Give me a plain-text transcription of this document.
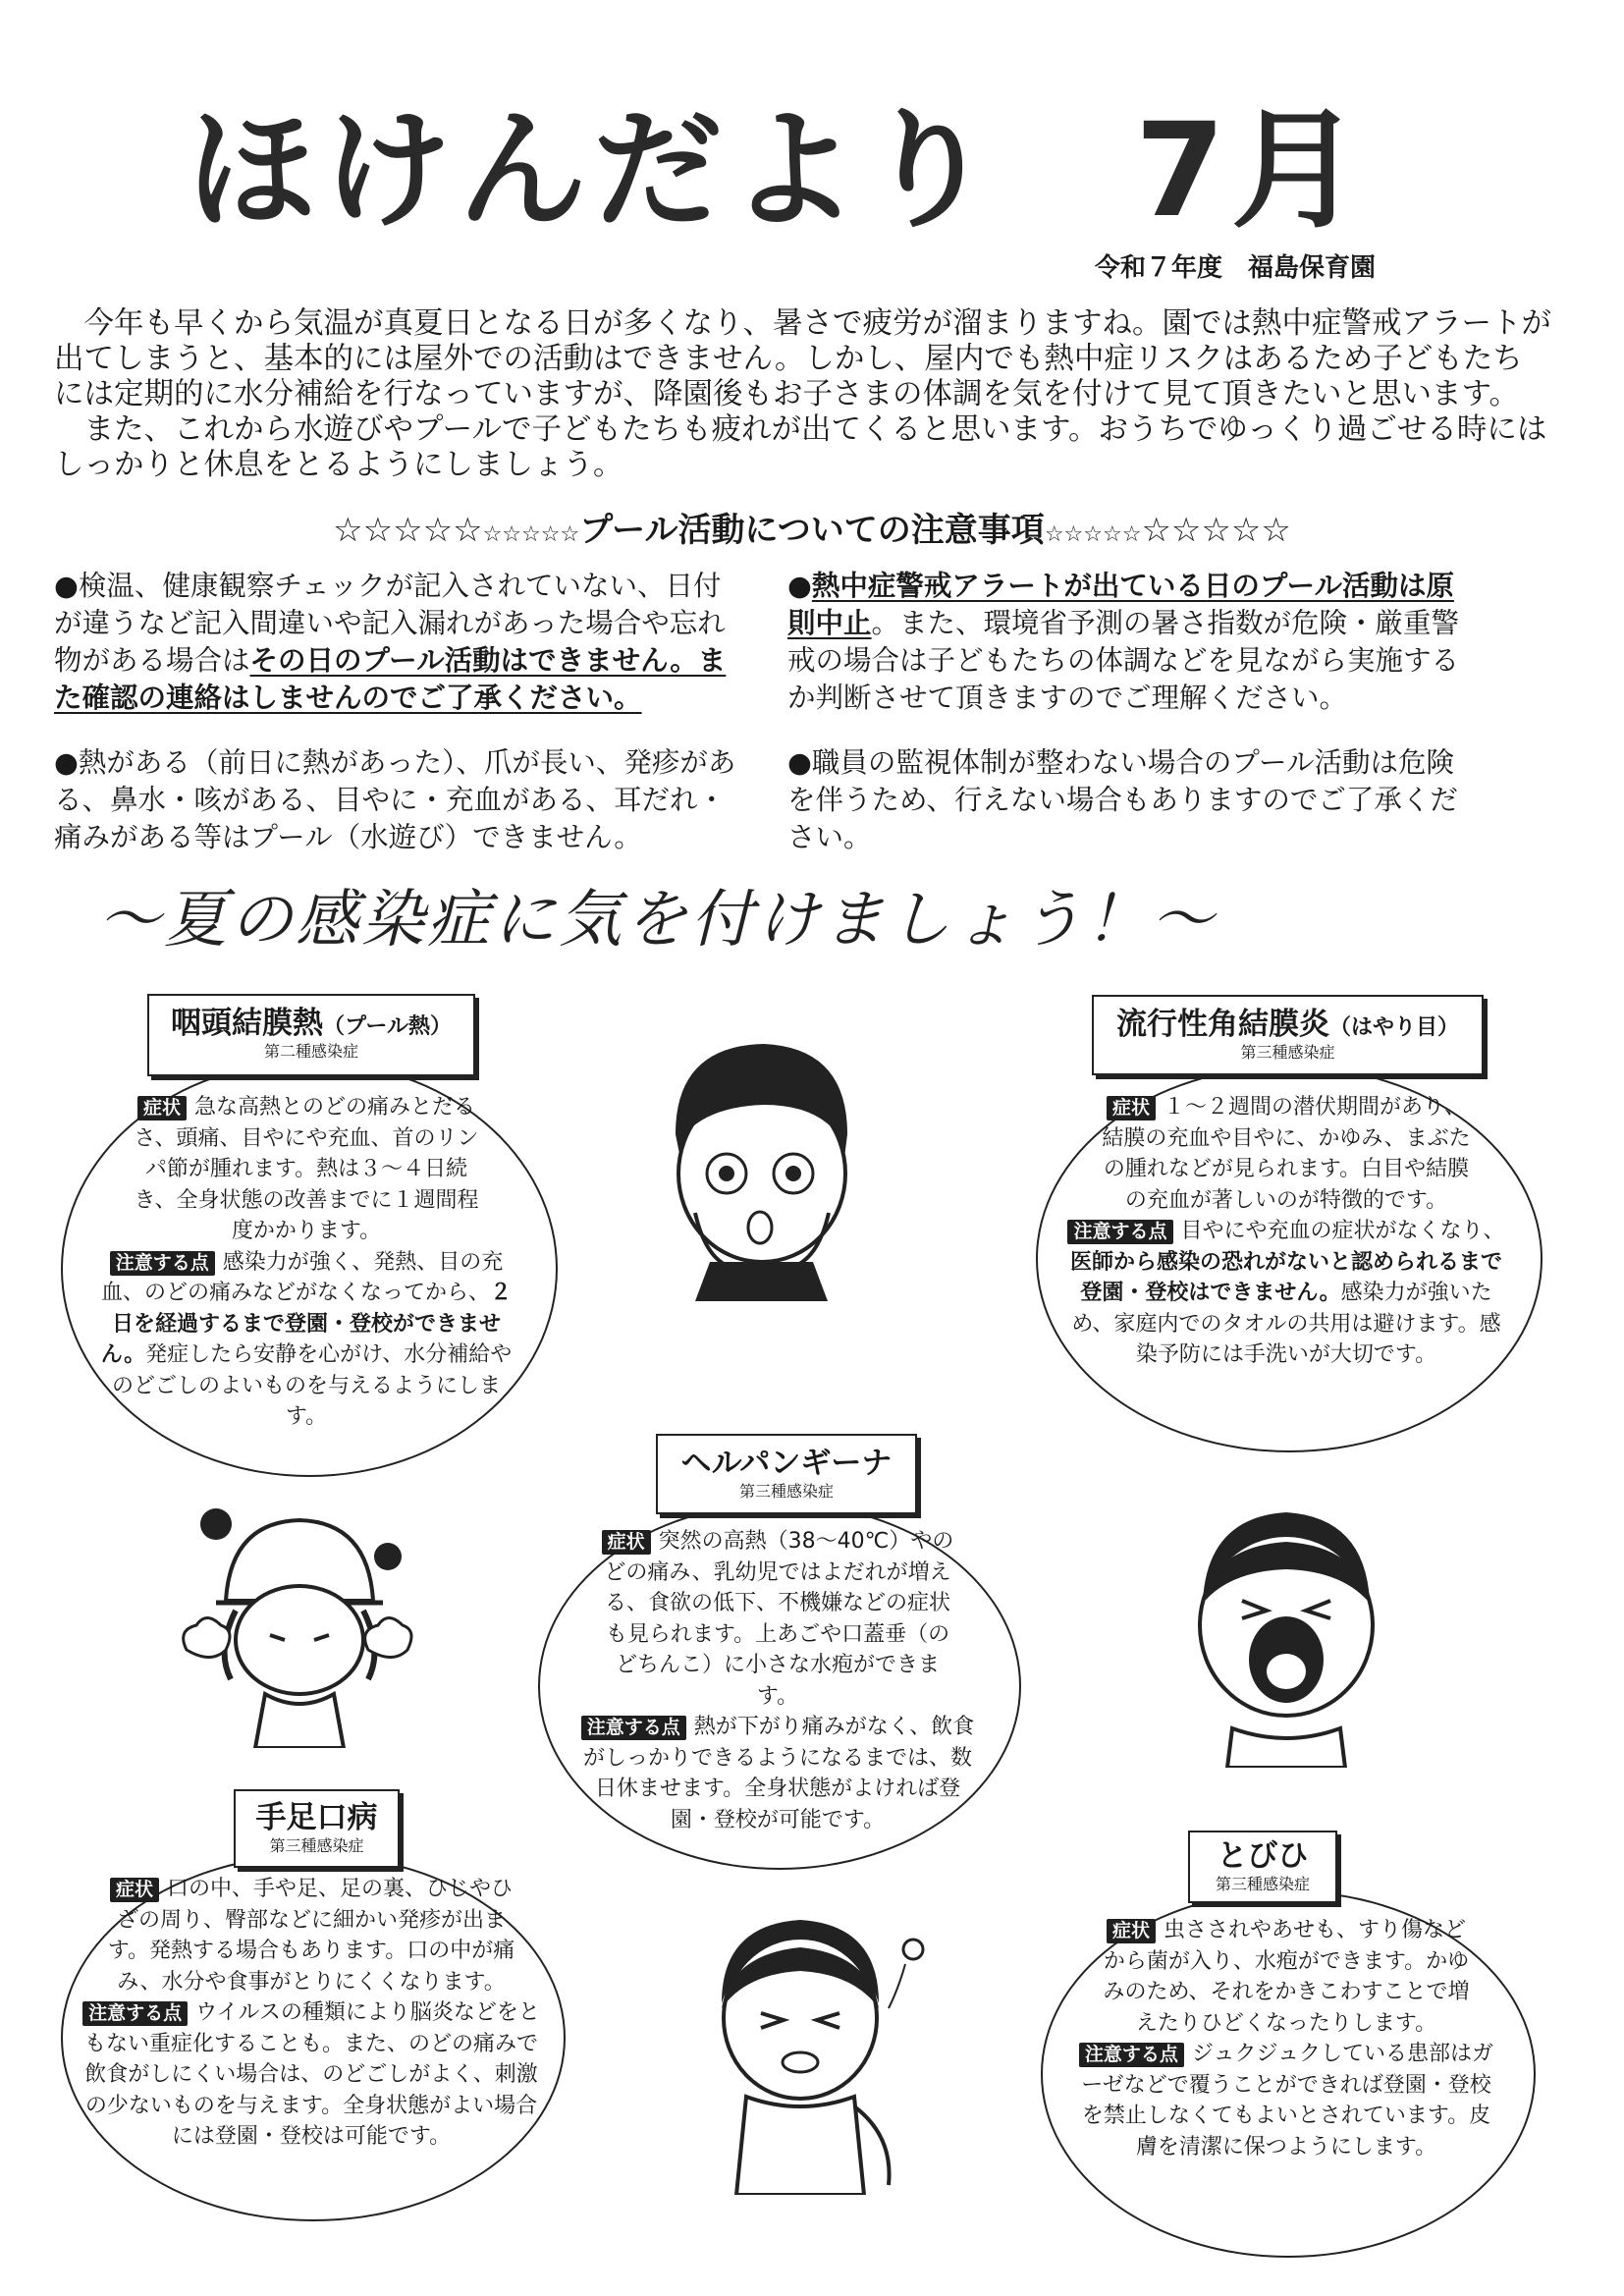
ほけんだより　7月
令和７年度　福島保育園

　今年も早くから気温が真夏日となる日が多くなり、暑さで疲労が溜まりますね。園では熱中症警戒アラートが出てしまうと、基本的には屋外での活動はできません。しかし、屋内でも熱中症リスクはあるため子どもたちには定期的に水分補給を行なっていますが、降園後もお子さまの体調を気を付けて見て頂きたいと思います。

　また、これから水遊びやプールで子どもたちも疲れが出てくると思います。おうちでゆっくり過ごせる時にはしっかりと休息をとるようにしましょう。

☆☆☆☆☆☆☆☆☆☆プール活動についての注意事項☆☆☆☆☆☆☆☆☆☆

●検温、健康観察チェックが記入されていない、日付が違うなど記入間違いや記入漏れがあった場合や忘れ物がある場合はその日のプール活動はできません。また確認の連絡はしませんのでご了承ください。

●熱がある（前日に熱があった）、爪が長い、発疹がある、鼻水・咳がある、目やに・充血がある、耳だれ・痛みがある等はプール（水遊び）できません。

●熱中症警戒アラートが出ている日のプール活動は原則中止。また、環境省予測の暑さ指数が危険・厳重警戒の場合は子どもたちの体調などを見ながら実施するか判断させて頂きますのでご理解ください。

●職員の監視体制が整わない場合のプール活動は危険を伴うため、行えない場合もありますのでご了承ください。

～夏の感染症に気を付けましょう！～
咽頭結膜熱（プール熱）
第二種感染症

症状 急な高熱とのどの痛みとだるさ、頭痛、目やにや充血、首のリンパ節が腫れます。熱は３～４日続き、全身状態の改善までに１週間程度かかります。

注意する点 感染力が強く、発熱、目の充血、のどの痛みなどがなくなってから、２日を経過するまで登園・登校ができません。発症したら安静を心がけ、水分補給やのどごしのよいものを与えるようにします。

流行性角結膜炎（はやり目）
第三種感染症

症状 １～２週間の潜伏期間があり、結膜の充血や目やに、かゆみ、まぶたの腫れなどが見られます。白目や結膜の充血が著しいのが特徴的です。

注意する点 目やにや充血の症状がなくなり、医師から感染の恐れがないと認められるまで登園・登校はできません。感染力が強いため、家庭内でのタオルの共用は避けます。感染予防には手洗いが大切です。

ヘルパンギーナ
第三種感染症

症状 突然の高熱（38～40℃）やのどの痛み、乳幼児ではよだれが増える、食欲の低下、不機嫌などの症状も見られます。上あごや口蓋垂（のどちんこ）に小さな水疱ができます。

注意する点 熱が下がり痛みがなく、飲食がしっかりできるようになるまでは、数日休ませます。全身状態がよければ登園・登校が可能です。

手足口病
第三種感染症

症状 口の中、手や足、足の裏、ひじやひざの周り、臀部などに細かい発疹が出ます。発熱する場合もあります。口の中が痛み、水分や食事がとりにくくなります。

注意する点 ウイルスの種類により脳炎などをともない重症化することも。また、のどの痛みで飲食がしにくい場合は、のどごしがよく、刺激の少ないものを与えます。全身状態がよい場合には登園・登校は可能です。

とびひ
第三種感染症

症状 虫さされやあせも、すり傷などから菌が入り、水疱ができます。かゆみのため、それをかきこわすことで増えたりひどくなったりします。

注意する点 ジュクジュクしている患部はガーゼなどで覆うことができれば登園・登校を禁止しなくてもよいとされています。皮膚を清潔に保つようにします。
